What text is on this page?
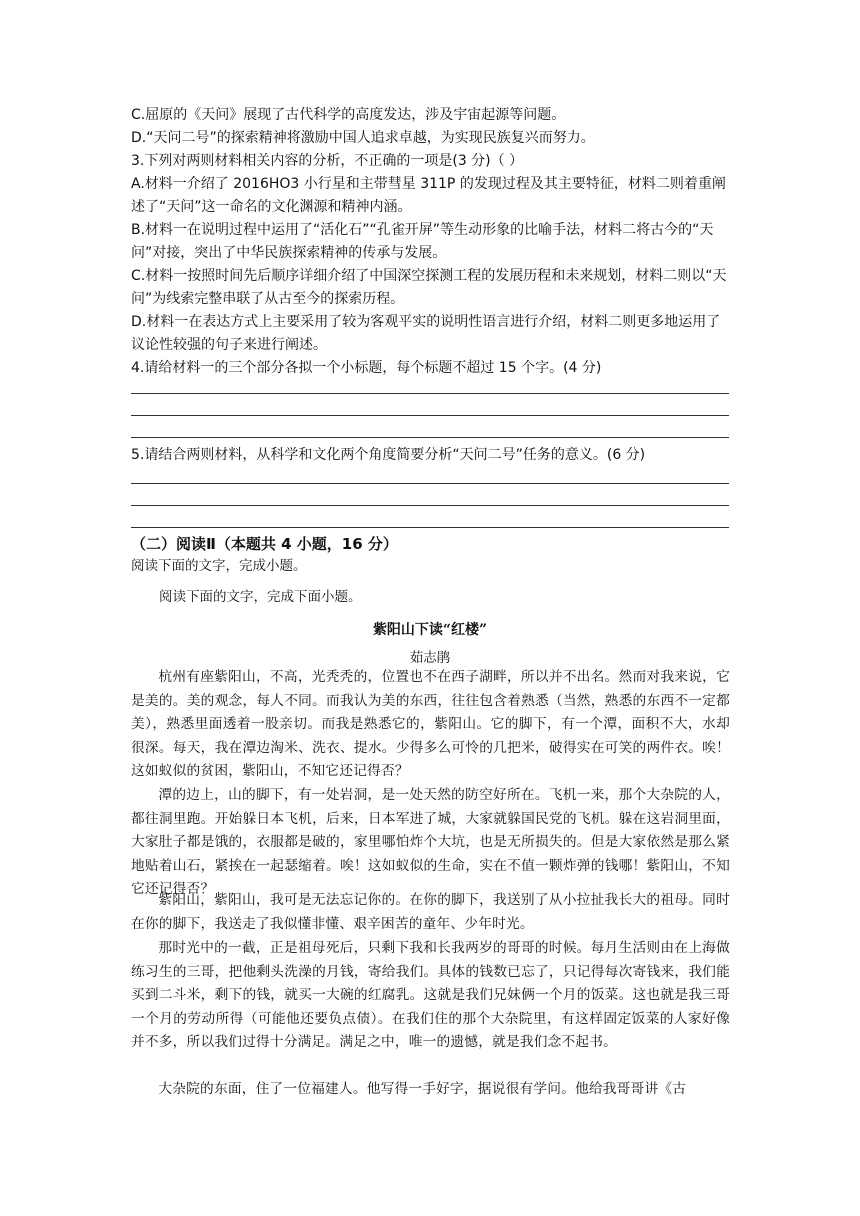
C.屈原的《天问》展现了古代科学的高度发达，涉及宇宙起源等问题。
D.“天问二号”的探索精神将激励中国人追求卓越，为实现民族复兴而努力。
3.下列对两则材料相关内容的分析，不正确的一项是(3 分)（ ）
A.材料一介绍了 2016HO3 小行星和主带彗星 311P 的发现过程及其主要特征，材料二则着重阐述了“天问”这一命名的文化渊源和精神内涵。
B.材料一在说明过程中运用了“活化石”“孔雀开屏”等生动形象的比喻手法，材料二将古今的“天问”对接，突出了中华民族探索精神的传承与发展。
C.材料一按照时间先后顺序详细介绍了中国深空探测工程的发展历程和未来规划，材料二则以“天问”为线索完整串联了从古至今的探索历程。
D.材料一在表达方式上主要采用了较为客观平实的说明性语言进行介绍，材料二则更多地运用了议论性较强的句子来进行阐述。
4.请给材料一的三个部分各拟一个小标题，每个标题不超过 15 个字。(4 分)
5.请结合两则材料，从科学和文化两个角度简要分析“天问二号”任务的意义。(6 分)
（二）阅读Ⅱ（本题共 4 小题，16 分）
阅读下面的文字，完成小题。
阅读下面的文字，完成下面小题。
紫阳山下读“红楼”
茹志鹃
杭州有座紫阳山，不高，光秃秃的，位置也不在西子湖畔，所以并不出名。然而对我来说，它是美的。美的观念，每人不同。而我认为美的东西，往往包含着熟悉（当然，熟悉的东西不一定都美），熟悉里面透着一股亲切。而我是熟悉它的，紫阳山。它的脚下，有一个潭，面积不大，水却很深。每天，我在潭边淘米、洗衣、提水。少得多么可怜的几把米，破得实在可笑的两件衣。唉！这如蚁似的贫困，紫阳山，不知它还记得否？
潭的边上，山的脚下，有一处岩洞，是一处天然的防空好所在。飞机一来，那个大杂院的人，都往洞里跑。开始躲日本飞机，后来，日本军进了城，大家就躲国民党的飞机。躲在这岩洞里面，大家肚子都是饿的，衣服都是破的，家里哪怕炸个大坑，也是无所损失的。但是大家依然是那么紧地贴着山石，紧挨在一起瑟缩着。唉！这如蚁似的生命，实在不值一颗炸弹的钱哪！紫阳山，不知它还记得否？
紫阳山，紫阳山，我可是无法忘记你的。在你的脚下，我送别了从小拉扯我长大的祖母。同时在你的脚下，我送走了我似懂非懂、艰辛困苦的童年、少年时光。
那时光中的一截，正是祖母死后，只剩下我和长我两岁的哥哥的时候。每月生活则由在上海做练习生的三哥，把他剩头洗澡的月钱，寄给我们。具体的钱数已忘了，只记得每次寄钱来，我们能买到二斗米，剩下的钱，就买一大碗的红腐乳。这就是我们兄妹俩一个月的饭菜。这也就是我三哥一个月的劳动所得（可能他还要负点债）。在我们住的那个大杂院里，有这样固定饭菜的人家好像并不多，所以我们过得十分满足。满足之中，唯一的遗憾，就是我们念不起书。
大杂院的东面，住了一位福建人。他写得一手好字，据说很有学问。他给我哥哥讲《古
